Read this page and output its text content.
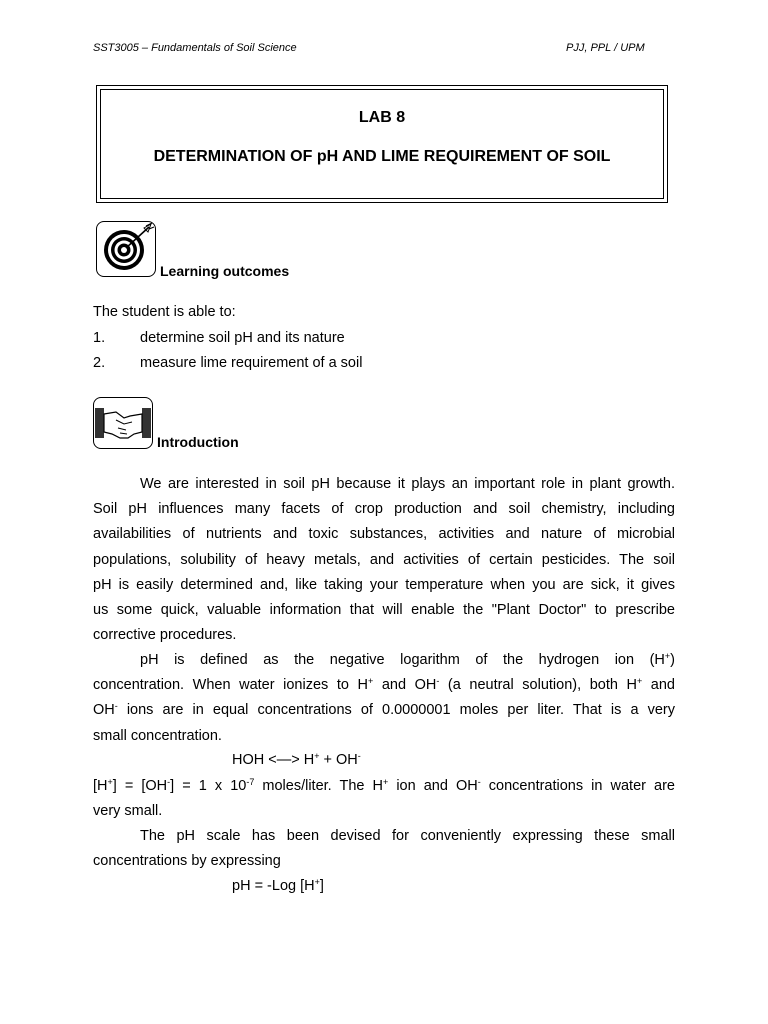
SST3005 – Fundamentals of Soil Science	PJJ, PPL / UPM
LAB 8
DETERMINATION OF pH AND LIME REQUIREMENT OF SOIL
Learning outcomes
The student is able to:
1. determine soil pH and its nature
2. measure lime requirement of a soil
Introduction
We are interested in soil pH because it plays an important role in plant growth.
Soil pH influences many facets of crop production and soil chemistry, including
availabilities of nutrients and toxic substances, activities and nature of microbial
populations, solubility of heavy metals, and activities of certain pesticides. The soil
pH is easily determined and, like taking your temperature when you are sick, it gives
us some quick, valuable information that will enable the "Plant Doctor" to prescribe
corrective procedures.
pH is defined as the negative logarithm of the hydrogen ion (H+)
concentration. When water ionizes to H+ and OH- (a neutral solution), both H+ and
OH- ions are in equal concentrations of 0.0000001 moles per liter. That is a very
small concentration.
HOH <—> H+ + OH-
[H+] = [OH-] = 1 x $10^{-7}$ moles/liter. The H+ ion and OH- concentrations in water are
very small.
The pH scale has been devised for conveniently expressing these small
concentrations by expressing
pH = -Log [H+]
